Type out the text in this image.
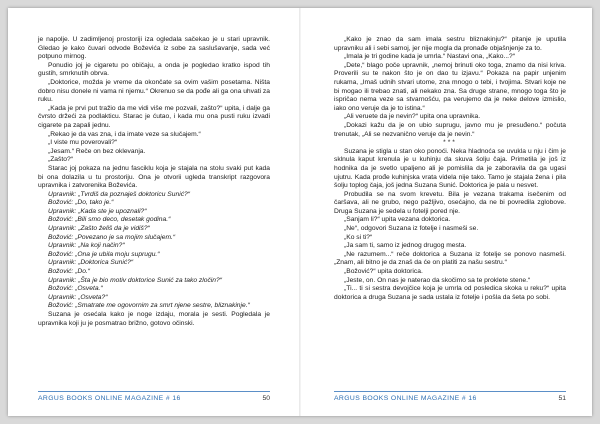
je napolje. U zadimljenoj prostoriji iza ogledala sačekao je u stari upravnik. Gledao je kako čuvari odvode Boževića iz sobe za saslušavanje, sada već potpuno mirnog.

Ponudio joj je cigaretu po običaju, a onda je pogledao kratko ispod tih gustih, smrknutih obrva.

„Doktorice, možda je vreme da okončate sa ovim vašim posetama. Ništa dobro nisu donele ni vama ni njemu.“ Okrenuo se da pođe ali ga ona uhvati za ruku.

„Kada je prvi put tražio da me vidi više me pozvali, zašto?“ upita, i dalje ga čvrsto držeći za podlakticu. Starac je ćutao, i kada mu ona pusti ruku izvadi cigarete pa zapali jednu.

„Rekao je da vas zna, i da imate veze sa slučajem.“

„I viste mu poverovali?“

„Jesam.“ Reče on bez oklevanja.

„Zašto?“

Starac joj pokaza na jednu fasciklu koja je stajala na stolu svaki put kada bi ona dolazila u tu prostoriju. Ona je otvorii ugleda transkript razgovora upravnika i zatvorenika Boževića.

Upravnik: „Tvrdiš da poznaješ doktoricu Sunić?“

Božović: „Do, tako je.“

Upravnik: „Kada ste je upoznali?“

Božović: „Bili smo deco, desetak godina.“

Upravnik: „Zašto želiš da je vidiš?“

Božović: „Povezano je sa mojim slučajem.“

Upravnik: „Na koji način?“

Božović: „Ona je ubila moju suprugu.“

Upravnik: „Doktorica Sunić?“

Božović: „Do.“

Upravnik: „Šta je bio motiv doktorice Sunić za tako zločin?“

Božović: „Osveta.“

Upravnik: „Osveta?“

Božović: „Smatrate me ogovornim za smrt njene sestre, bliznakinje.“

Suzana je osećala kako je noge izdaju, morala je sesti. Pogledala je upravnika koji ju je posmatrao brižno, gotovo očinski.

ARGUS BOOKS ONLINE MAGAZINE # 16	50

„Kako je znao da sam imala sestru bliznakinju?“ pitanje je uputila upravniku ali i sebi samoj, jer nije mogla da pronađe objašnjenje za to.

„Imala je tri godine kada je umrla.“ Nastavi ona, „Kako...?“

„Dete,“ blago poče upravnik, „nemoj brinuti oko toga, znamo da nisi kriva. Proverili su te nakon što je on dao tu izjavu.“ Pokaza na papir unjenim rukama, „Imaš udnih stvari utome, zna mnogo o tebi, i tvojima. Stvari koje ne bi mogao ili trebao znati, ali nekako zna. Sa druge strane, mnogo toga što je ispričao nema veze sa stvarnošću, pa verujemo da je neke delove izmislio, iako ono veruje da je to istina.“

„Ali veruete da je nevin?“ upita ona upravnika.

„Dokazi kažu da je on ubio suprugu, javno mu je presuđeno.“ počuta trenutak, „Ali se nezvanično veruje da je nevin.“

***

Suzana je stigla u stan oko ponoći. Neka hladnoća se uvukla u nju i čim je sklnula kaput krenula je u kuhinju da skuva šolju čaja. Primetila je još iz hodnika da je svetlo upaljeno ali je pomislila da je zaboravila da ga ugasi ujutru. Kada prođe kuhinjska vrata videla nije tako. Tamo je stajala žena i pila šolju toplog čaja, još jedna Suzana Sunić. Doktorica je pala u nesvet.

Probudila se na svom krevetu. Bila je vezana trakama isečenim od čaršava, ali ne grubo, nego pažljivo, osećajno, da ne bi povredila zglobove. Druga Suzana je sedela u fotelji pored nje.

„Sanjam li?“ upita vezana doktorica.

„Ne“, odgovori Suzana iz fotelje i nasmeši se.

„Ko si ti?“

„Ja sam ti, samo iz jednog drugog mesta.

„Ne razumem...“ reče doktorica a Suzana iz fotelje se ponovo nasmeši. „Znam, ali bitno je da znaš da će on platiti za našu sestru.“

„Božović?“ upita doktorica.

„Jeste, on. On nas je naterao da skočimo sa te proklete stene.“

„Ti... ti si sestra devojčice koja je umrla od posledica skoka u reku?“ upita doktorica a druga Suzana je sada ustala iz fotelje i pošla da šeta po sobi.

ARGUS BOOKS ONLINE MAGAZINE # 16	51
